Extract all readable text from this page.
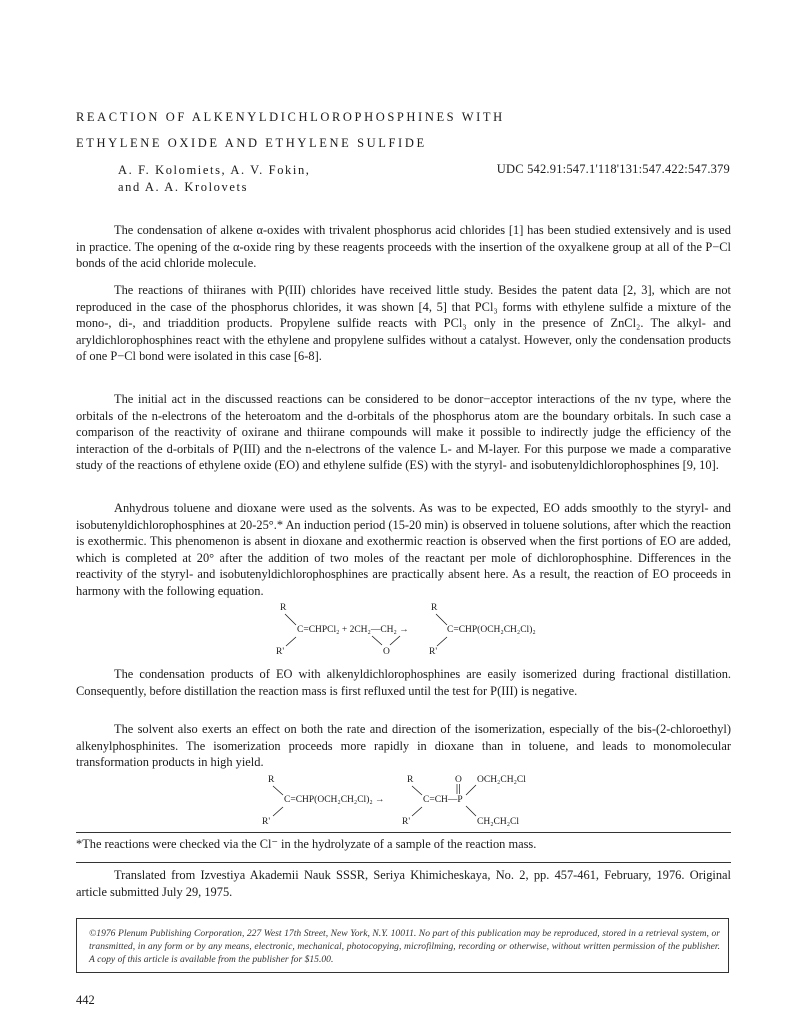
REACTION OF ALKENYLDICHLOROPHOSPHINES WITH
ETHYLENE OXIDE AND ETHYLENE SULFIDE
A. F. Kolomiets, A. V. Fokin,
and A. A. Krolovets
UDC 542.91:547.1'118'131:547.422:547.379

The condensation of alkene α-oxides with trivalent phosphorus acid chlorides [1] has been studied extensively and is used in practice. The opening of the α-oxide ring by these reagents proceeds with the insertion of the oxyalkene group at all of the P−Cl bonds of the acid chloride molecule.

The reactions of thiiranes with P(III) chlorides have received little study. Besides the patent data [2, 3], which are not reproduced in the case of the phosphorus chlorides, it was shown [4, 5] that PCl₃ forms with ethylene sulfide a mixture of the mono-, di-, and triaddition products. Propylene sulfide reacts with PCl₃ only in the presence of ZnCl₂. The alkyl- and aryldichlorophosphines react with the ethylene and propylene sulfides without a catalyst. However, only the condensation products of one P−Cl bond were isolated in this case [6-8].

The initial act in the discussed reactions can be considered to be donor−acceptor interactions of the nv type, where the orbitals of the n-electrons of the heteroatom and the d-orbitals of the phosphorus atom are the boundary orbitals. In such case a comparison of the reactivity of oxirane and thiirane compounds will make it possible to indirectly judge the efficiency of the interaction of the d-orbitals of P(III) and the n-electrons of the valence L- and M-layer. For this purpose we made a comparative study of the reactions of ethylene oxide (EO) and ethylene sulfide (ES) with the styryl- and isobutenyldichlorophosphines [9, 10].

Anhydrous toluene and dioxane were used as the solvents. As was to be expected, EO adds smoothly to the styryl- and isobutenyldichlorophosphines at 20-25°.* An induction period (15-20 min) is observed in toluene solutions, after which the reaction is exothermic. This phenomenon is absent in dioxane and exothermic reaction is observed when the first portions of EO are added, which is completed at 20° after the addition of two moles of the reactant per mole of dichlorophosphine. Differences in the reactivity of the styryl- and isobutenyldichlorophosphines are practically absent here. As a result, the reaction of EO proceeds in harmony with the following equation.

R
C=CHPCl₂ + 2CH₂—CH₂ →
R'	O
R
C=CHP(OCH₂CH₂Cl)₂
R'

The condensation products of EO with alkenyldichlorophosphines are easily isomerized during fractional distillation. Consequently, before distillation the reaction mass is first refluxed until the test for P(III) is negative.

The solvent also exerts an effect on both the rate and direction of the isomerization, especially of the bis-(2-chloroethyl) alkenylphosphinites. The isomerization proceeds more rapidly in dioxane than in toluene, and leads to monomolecular transformation products in high yield.

R
C=CHP(OCH₂CH₂Cl)₂ →
R'
R
C=CH—P
R'
O OCH₂CH₂Cl
CH₂CH₂Cl
*The reactions were checked via the Cl⁻ in the hydrolyzate of a sample of the reaction mass.

Translated from Izvestiya Akademii Nauk SSSR, Seriya Khimicheskaya, No. 2, pp. 457-461, February, 1976. Original article submitted July 29, 1975.

©1976 Plenum Publishing Corporation, 227 West 17th Street, New York, N.Y. 10011. No part of this publication may be reproduced, stored in a retrieval system, or transmitted, in any form or by any means, electronic, mechanical, photocopying, microfilming, recording or otherwise, without written permission of the publisher. A copy of this article is available from the publisher for $15.00.
442
